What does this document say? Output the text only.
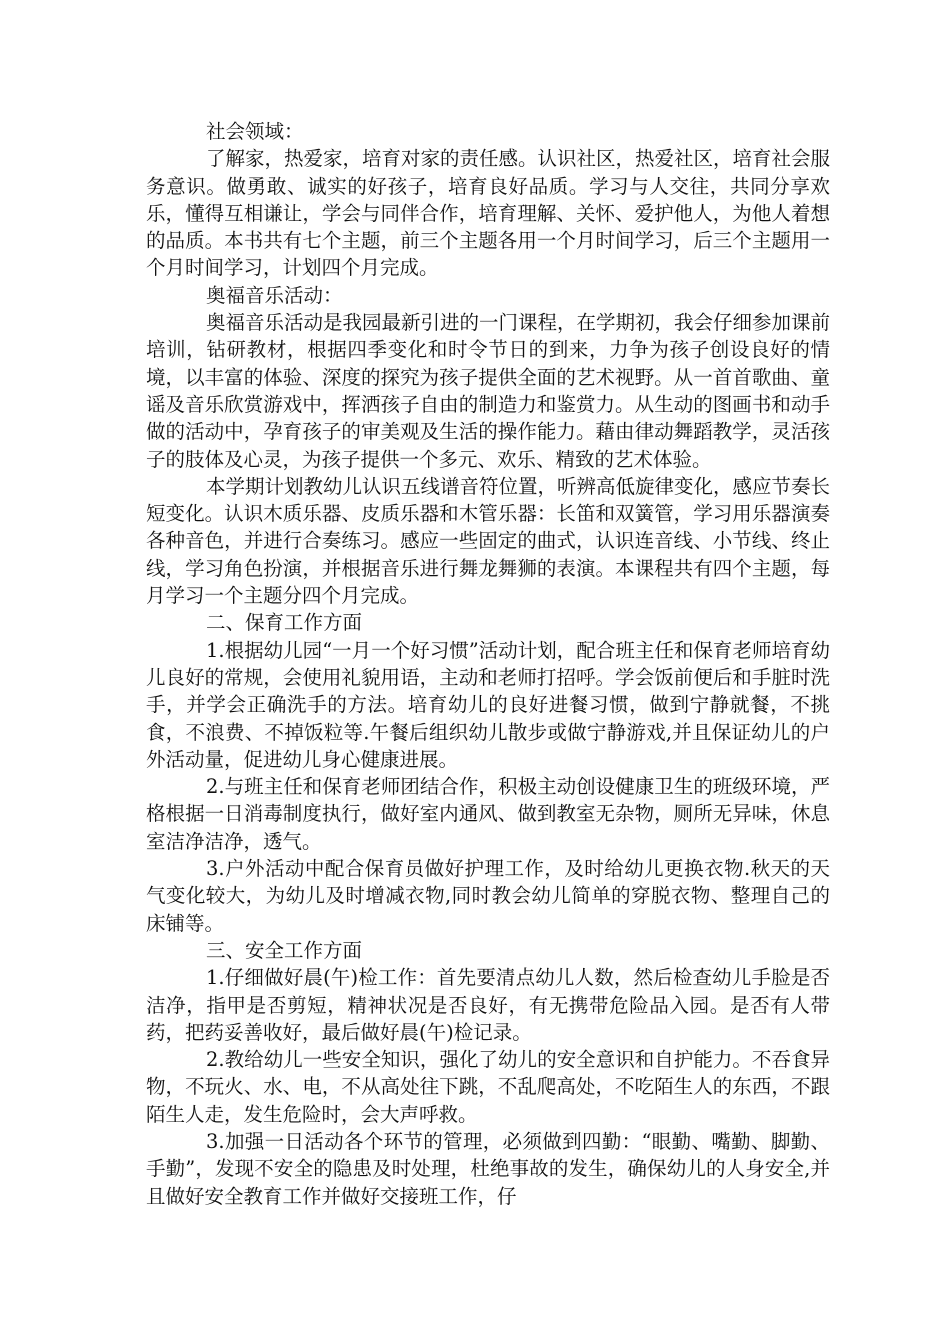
社会领域：

了解家，热爱家，培育对家的责任感。认识社区，热爱社区，培育社会服务意识。做勇敢、诚实的好孩子，培育良好品质。学习与人交往，共同分享欢乐，懂得互相谦让，学会与同伴合作，培育理解、关怀、爱护他人，为他人着想的品质。本书共有七个主题，前三个主题各用一个月时间学习，后三个主题用一个月时间学习，计划四个月完成。

奥福音乐活动：

奥福音乐活动是我园最新引进的一门课程，在学期初，我会仔细参加课前培训，钻研教材，根据四季变化和时令节日的到来，力争为孩子创设良好的情境，以丰富的体验、深度的探究为孩子提供全面的艺术视野。从一首首歌曲、童谣及音乐欣赏游戏中，挥洒孩子自由的制造力和鉴赏力。从生动的图画书和动手做的活动中，孕育孩子的审美观及生活的操作能力。藉由律动舞蹈教学，灵活孩子的肢体及心灵，为孩子提供一个多元、欢乐、精致的艺术体验。

本学期计划教幼儿认识五线谱音符位置，听辨高低旋律变化，感应节奏长短变化。认识木质乐器、皮质乐器和木管乐器：长笛和双簧管，学习用乐器演奏各种音色，并进行合奏练习。感应一些固定的曲式，认识连音线、小节线、终止线，学习角色扮演，并根据音乐进行舞龙舞狮的表演。本课程共有四个主题，每月学习一个主题分四个月完成。

二、保育工作方面

1.根据幼儿园“一月一个好习惯”活动计划，配合班主任和保育老师培育幼儿良好的常规，会使用礼貌用语，主动和老师打招呼。学会饭前便后和手脏时洗手，并学会正确洗手的方法。培育幼儿的良好进餐习惯，做到宁静就餐，不挑食，不浪费、不掉饭粒等.午餐后组织幼儿散步或做宁静游戏,并且保证幼儿的户外活动量，促进幼儿身心健康进展。

2.与班主任和保育老师团结合作，积极主动创设健康卫生的班级环境，严格根据一日消毒制度执行，做好室内通风、做到教室无杂物，厕所无异味，休息室洁净洁净，透气。

3.户外活动中配合保育员做好护理工作，及时给幼儿更换衣物.秋天的天气变化较大，为幼儿及时增减衣物,同时教会幼儿简单的穿脱衣物、整理自己的床铺等。

三、安全工作方面

1.仔细做好晨(午)检工作：首先要清点幼儿人数，然后检查幼儿手脸是否洁净，指甲是否剪短，精神状况是否良好，有无携带危险品入园。是否有人带药，把药妥善收好，最后做好晨(午)检记录。

2.教给幼儿一些安全知识，强化了幼儿的安全意识和自护能力。不吞食异物，不玩火、水、电，不从高处往下跳，不乱爬高处，不吃陌生人的东西，不跟陌生人走，发生危险时，会大声呼救。

3.加强一日活动各个环节的管理，必须做到四勤：“眼勤、嘴勤、脚勤、手勤”，发现不安全的隐患及时处理，杜绝事故的发生，确保幼儿的人身安全,并且做好安全教育工作并做好交接班工作，仔
